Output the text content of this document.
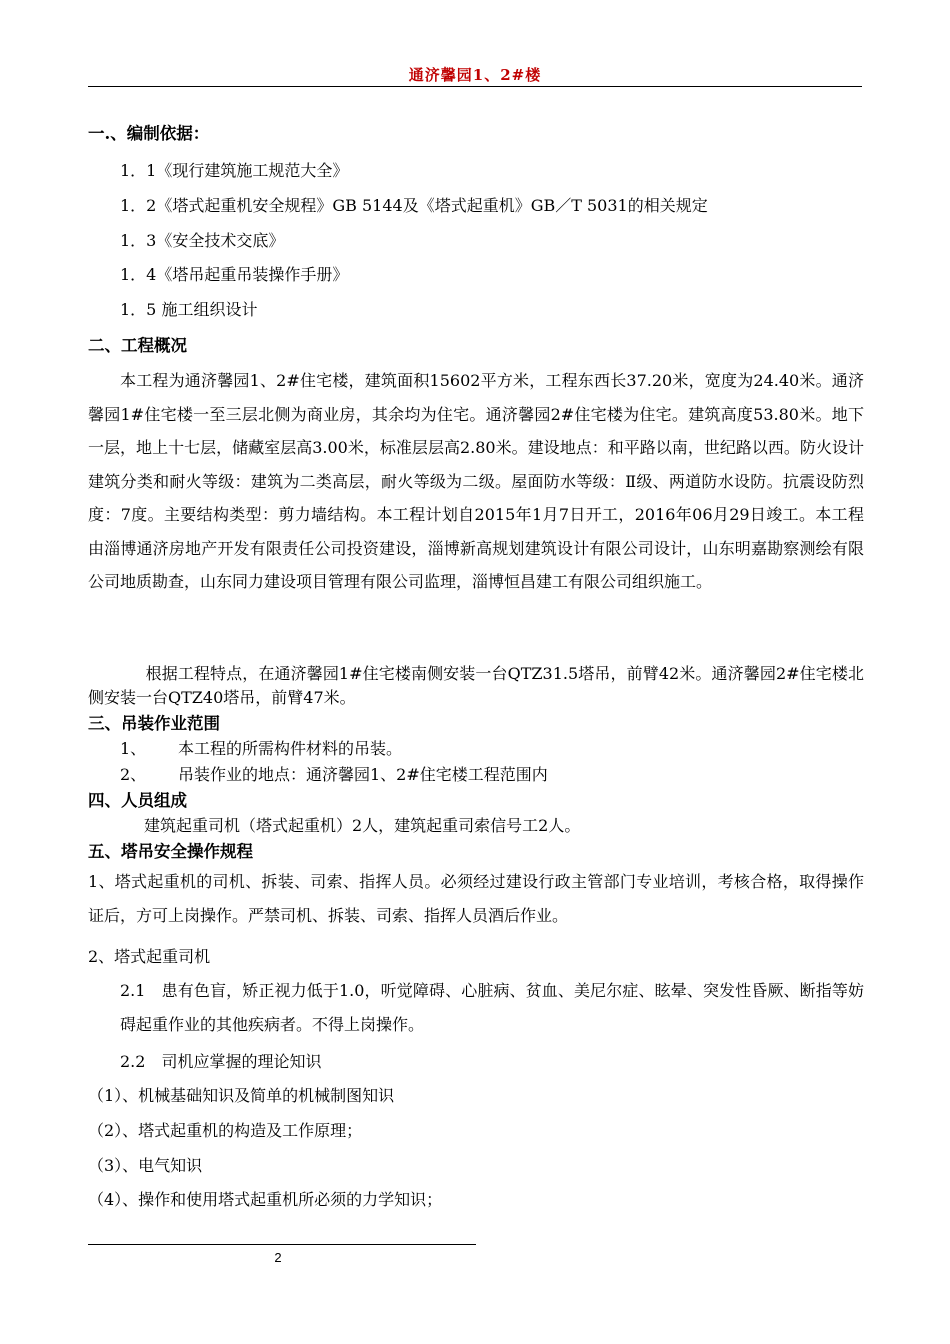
通济馨园1、2#楼
一.、编制依据：
1．1《现行建筑施工规范大全》
1．2《塔式起重机安全规程》GB 5144及《塔式起重机》GB／T 5031的相关规定
1．3《安全技术交底》
1．4《塔吊起重吊装操作手册》
1．5 施工组织设计
二、工程概况
本工程为通济馨园1、2#住宅楼，建筑面积15602平方米，工程东西长37.20米，宽度为24.40米。通济馨园1#住宅楼一至三层北侧为商业房，其余均为住宅。通济馨园2#住宅楼为住宅。建筑高度53.80米。地下一层，地上十七层，储藏室层高3.00米，标准层层高2.80米。建设地点：和平路以南，世纪路以西。防火设计建筑分类和耐火等级：建筑为二类高层，耐火等级为二级。屋面防水等级：Ⅱ级、两道防水设防。抗震设防烈度：7度。主要结构类型：剪力墙结构。本工程计划自2015年1月7日开工，2016年06月29日竣工。本工程由淄博通济房地产开发有限责任公司投资建设，淄博新高规划建筑设计有限公司设计，山东明嘉勘察测绘有限公司地质勘查，山东同力建设项目管理有限公司监理，淄博恒昌建工有限公司组织施工。
根据工程特点，在通济馨园1#住宅楼南侧安装一台QTZ31.5塔吊，前臂42米。通济馨园2#住宅楼北侧安装一台QTZ40塔吊，前臂47米。
三、吊装作业范围
1、 本工程的所需构件材料的吊装。
2、 吊装作业的地点：通济馨园1、2#住宅楼工程范围内
四、人员组成
建筑起重司机（塔式起重机）2人，建筑起重司索信号工2人。
五、塔吊安全操作规程
1、塔式起重机的司机、拆装、司索、指挥人员。必须经过建设行政主管部门专业培训，考核合格，取得操作证后，方可上岗操作。严禁司机、拆装、司索、指挥人员酒后作业。
2、塔式起重司机
2.1　患有色盲，矫正视力低于1.0，听觉障碍、心脏病、贫血、美尼尔症、眩晕、突发性昏厥、断指等妨碍起重作业的其他疾病者。不得上岗操作。
2.2　司机应掌握的理论知识
（1）、机械基础知识及简单的机械制图知识
（2）、塔式起重机的构造及工作原理；
（3）、电气知识
（4）、操作和使用塔式起重机所必须的力学知识；
2
